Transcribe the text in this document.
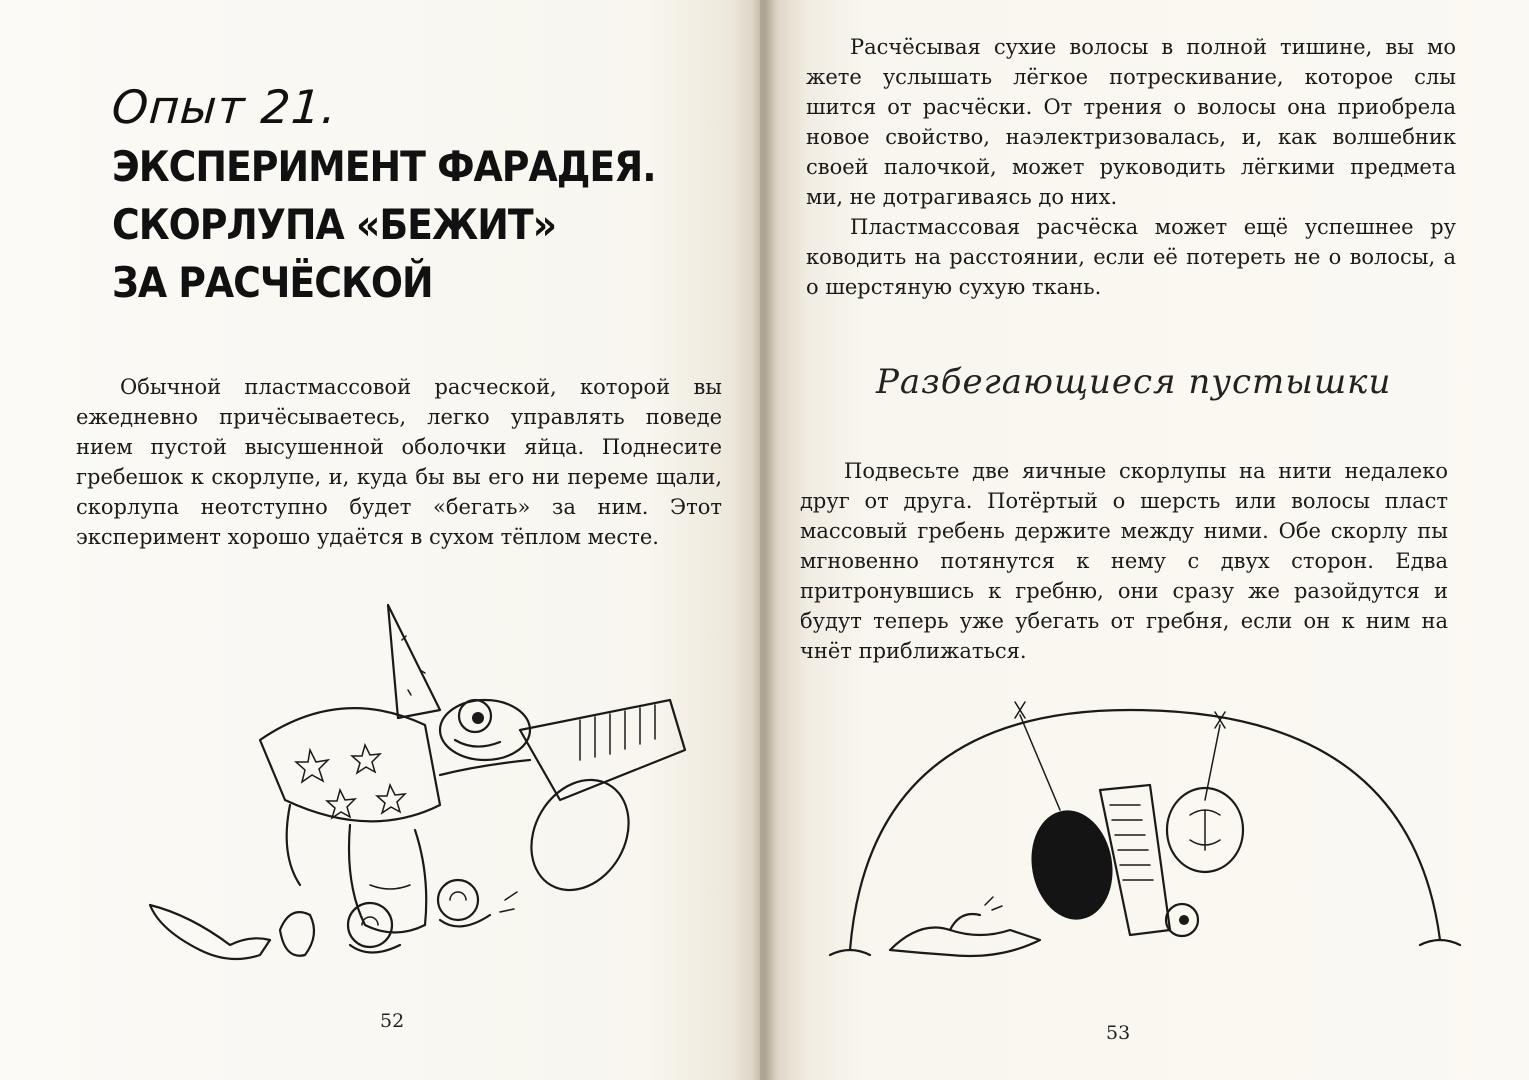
Опыт 21.
ЭКСПЕРИМЕНТ ФАРАДЕЯ.
СКОРЛУПА «БЕЖИТ»
ЗА РАСЧЁСКОЙ

Обычной пластмассовой расческой, которой вы ежедневно причёсываетесь, легко управлять поведе нием пустой высушенной оболочки яйца. Поднесите гребешок к скорлупе, и, куда бы вы его ни переме щали, скорлупа неотступно будет «бегать» за ним. Этот эксперимент хорошо удаётся в сухом тёплом месте.

52

Расчёсывая сухие волосы в полной тишине, вы мо жете услышать лёгкое потрескивание, которое слы шится от расчёски. От трения о волосы она приобрела новое свойство, наэлектризовалась, и, как волшебник своей палочкой, может руководить лёгкими предмета ми, не дотрагиваясь до них.

Пластмассовая расчёска может ещё успешнее ру ководить на расстоянии, если её потереть не о волосы, а о шерстяную сухую ткань.

Разбегающиеся пустышки

Подвесьте две яичные скорлупы на нити недалеко друг от друга. Потёртый о шерсть или волосы пласт массовый гребень держите между ними. Обе скорлу пы мгновенно потянутся к нему с двух сторон. Едва притронувшись к гребню, они сразу же разойдутся и будут теперь уже убегать от гребня, если он к ним на чнёт приближаться.

53
